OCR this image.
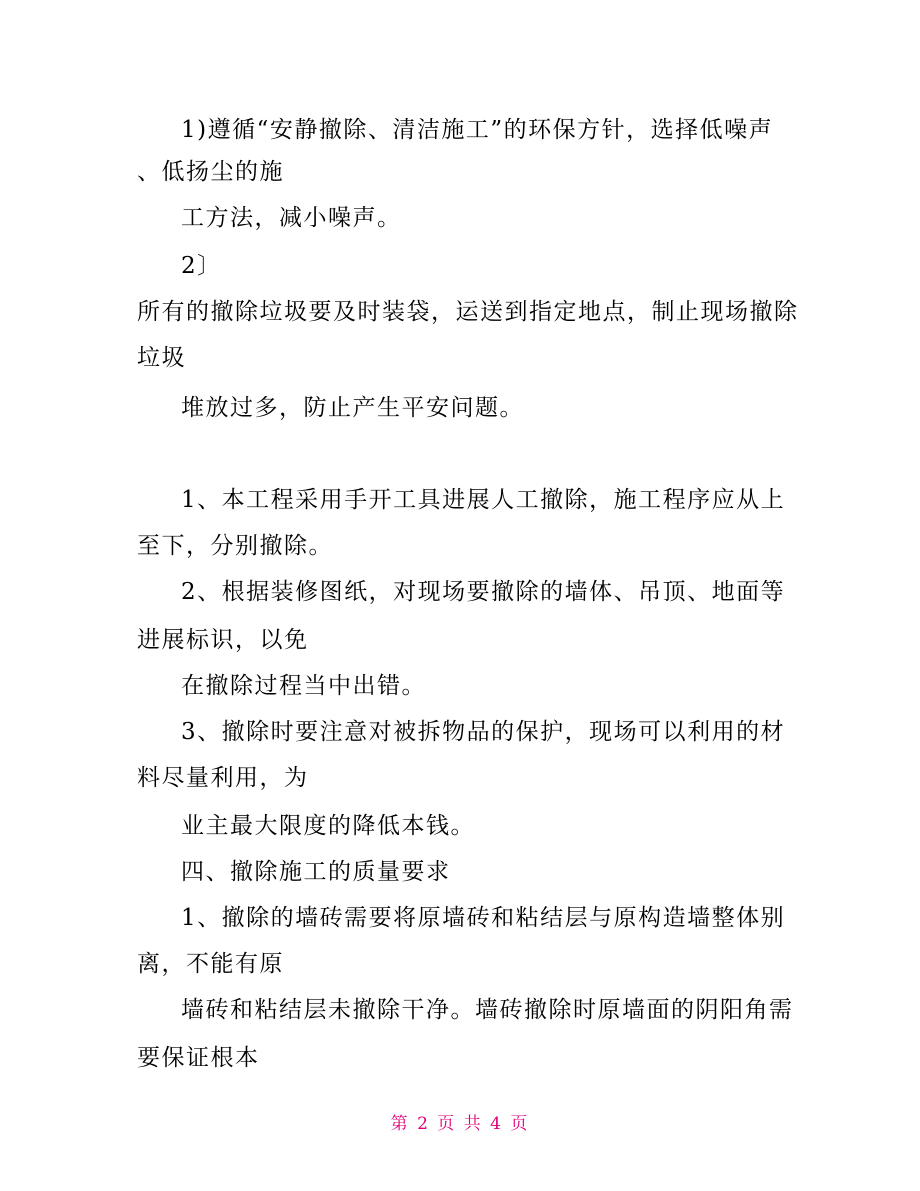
1)遵循“安静撤除、清洁施工”的环保方针，选择低噪声
、低扬尘的施
工方法，减小噪声。
2〕
所有的撤除垃圾要及时装袋，运送到指定地点，制止现场撤除
垃圾
堆放过多，防止产生平安问题。
1、本工程采用手开工具进展人工撤除，施工程序应从上
至下，分别撤除。
2、根据装修图纸，对现场要撤除的墙体、吊顶、地面等
进展标识，以免
在撤除过程当中出错。
3、撤除时要注意对被拆物品的保护，现场可以利用的材
料尽量利用，为
业主最大限度的降低本钱。
四、撤除施工的质量要求
1、撤除的墙砖需要将原墙砖和粘结层与原构造墙整体别
离，不能有原
墙砖和粘结层未撤除干净。墙砖撤除时原墙面的阴阳角需
要保证根本
第 2 页 共 4 页
